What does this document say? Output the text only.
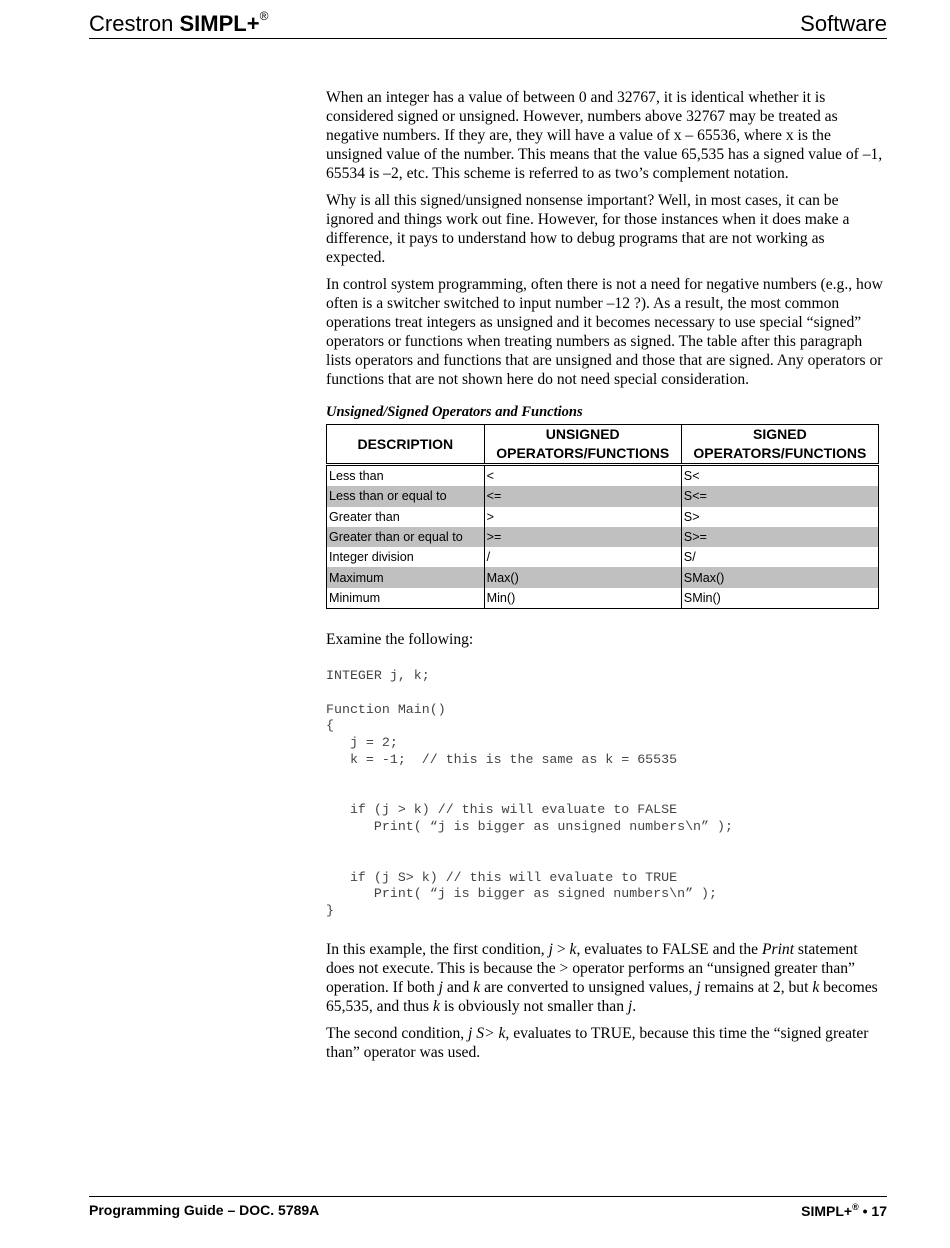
Crestron SIMPL+®	Software

When an integer has a value of between 0 and 32767, it is identical whether it is considered signed or unsigned. However, numbers above 32767 may be treated as negative numbers. If they are, they will have a value of x – 65536, where x is the unsigned value of the number. This means that the value 65,535 has a signed value of –1, 65534 is –2, etc. This scheme is referred to as two’s complement notation.

Why is all this signed/unsigned nonsense important? Well, in most cases, it can be ignored and things work out fine. However, for those instances when it does make a difference, it pays to understand how to debug programs that are not working as expected.

In control system programming, often there is not a need for negative numbers (e.g., how often is a switcher switched to input number –12 ?). As a result, the most common operations treat integers as unsigned and it becomes necessary to use special “signed” operators or functions when treating numbers as signed. The table after this paragraph lists operators and functions that are unsigned and those that are signed. Any operators or functions that are not shown here do not need special consideration.

Unsigned/Signed Operators and Functions
DESCRIPTION	UNSIGNED OPERATORS/FUNCTIONS	SIGNED OPERATORS/FUNCTIONS
Less than	<	S<
Less than or equal to	<=	S<=
Greater than	>	S>
Greater than or equal to	>=	S>=
Integer division	/	S/
Maximum	Max()	SMax()
Minimum	Min()	SMin()

Examine the following:

INTEGER j, k;

Function Main()
{
j = 2;
k = -1;  // this is the same as k = 65535

if (j > k) // this will evaluate to FALSE
Print( “j is bigger as unsigned numbers\n” );

if (j S> k) // this will evaluate to TRUE
Print( “j is bigger as signed numbers\n” );
}

In this example, the first condition, j > k, evaluates to FALSE and the Print statement does not execute. This is because the > operator performs an “unsigned greater than” operation. If both j and k are converted to unsigned values, j remains at 2, but k becomes 65,535, and thus k is obviously not smaller than j.

The second condition, j S> k, evaluates to TRUE, because this time the “signed greater than” operator was used.

Programming Guide – DOC. 5789A	SIMPL+® • 17
